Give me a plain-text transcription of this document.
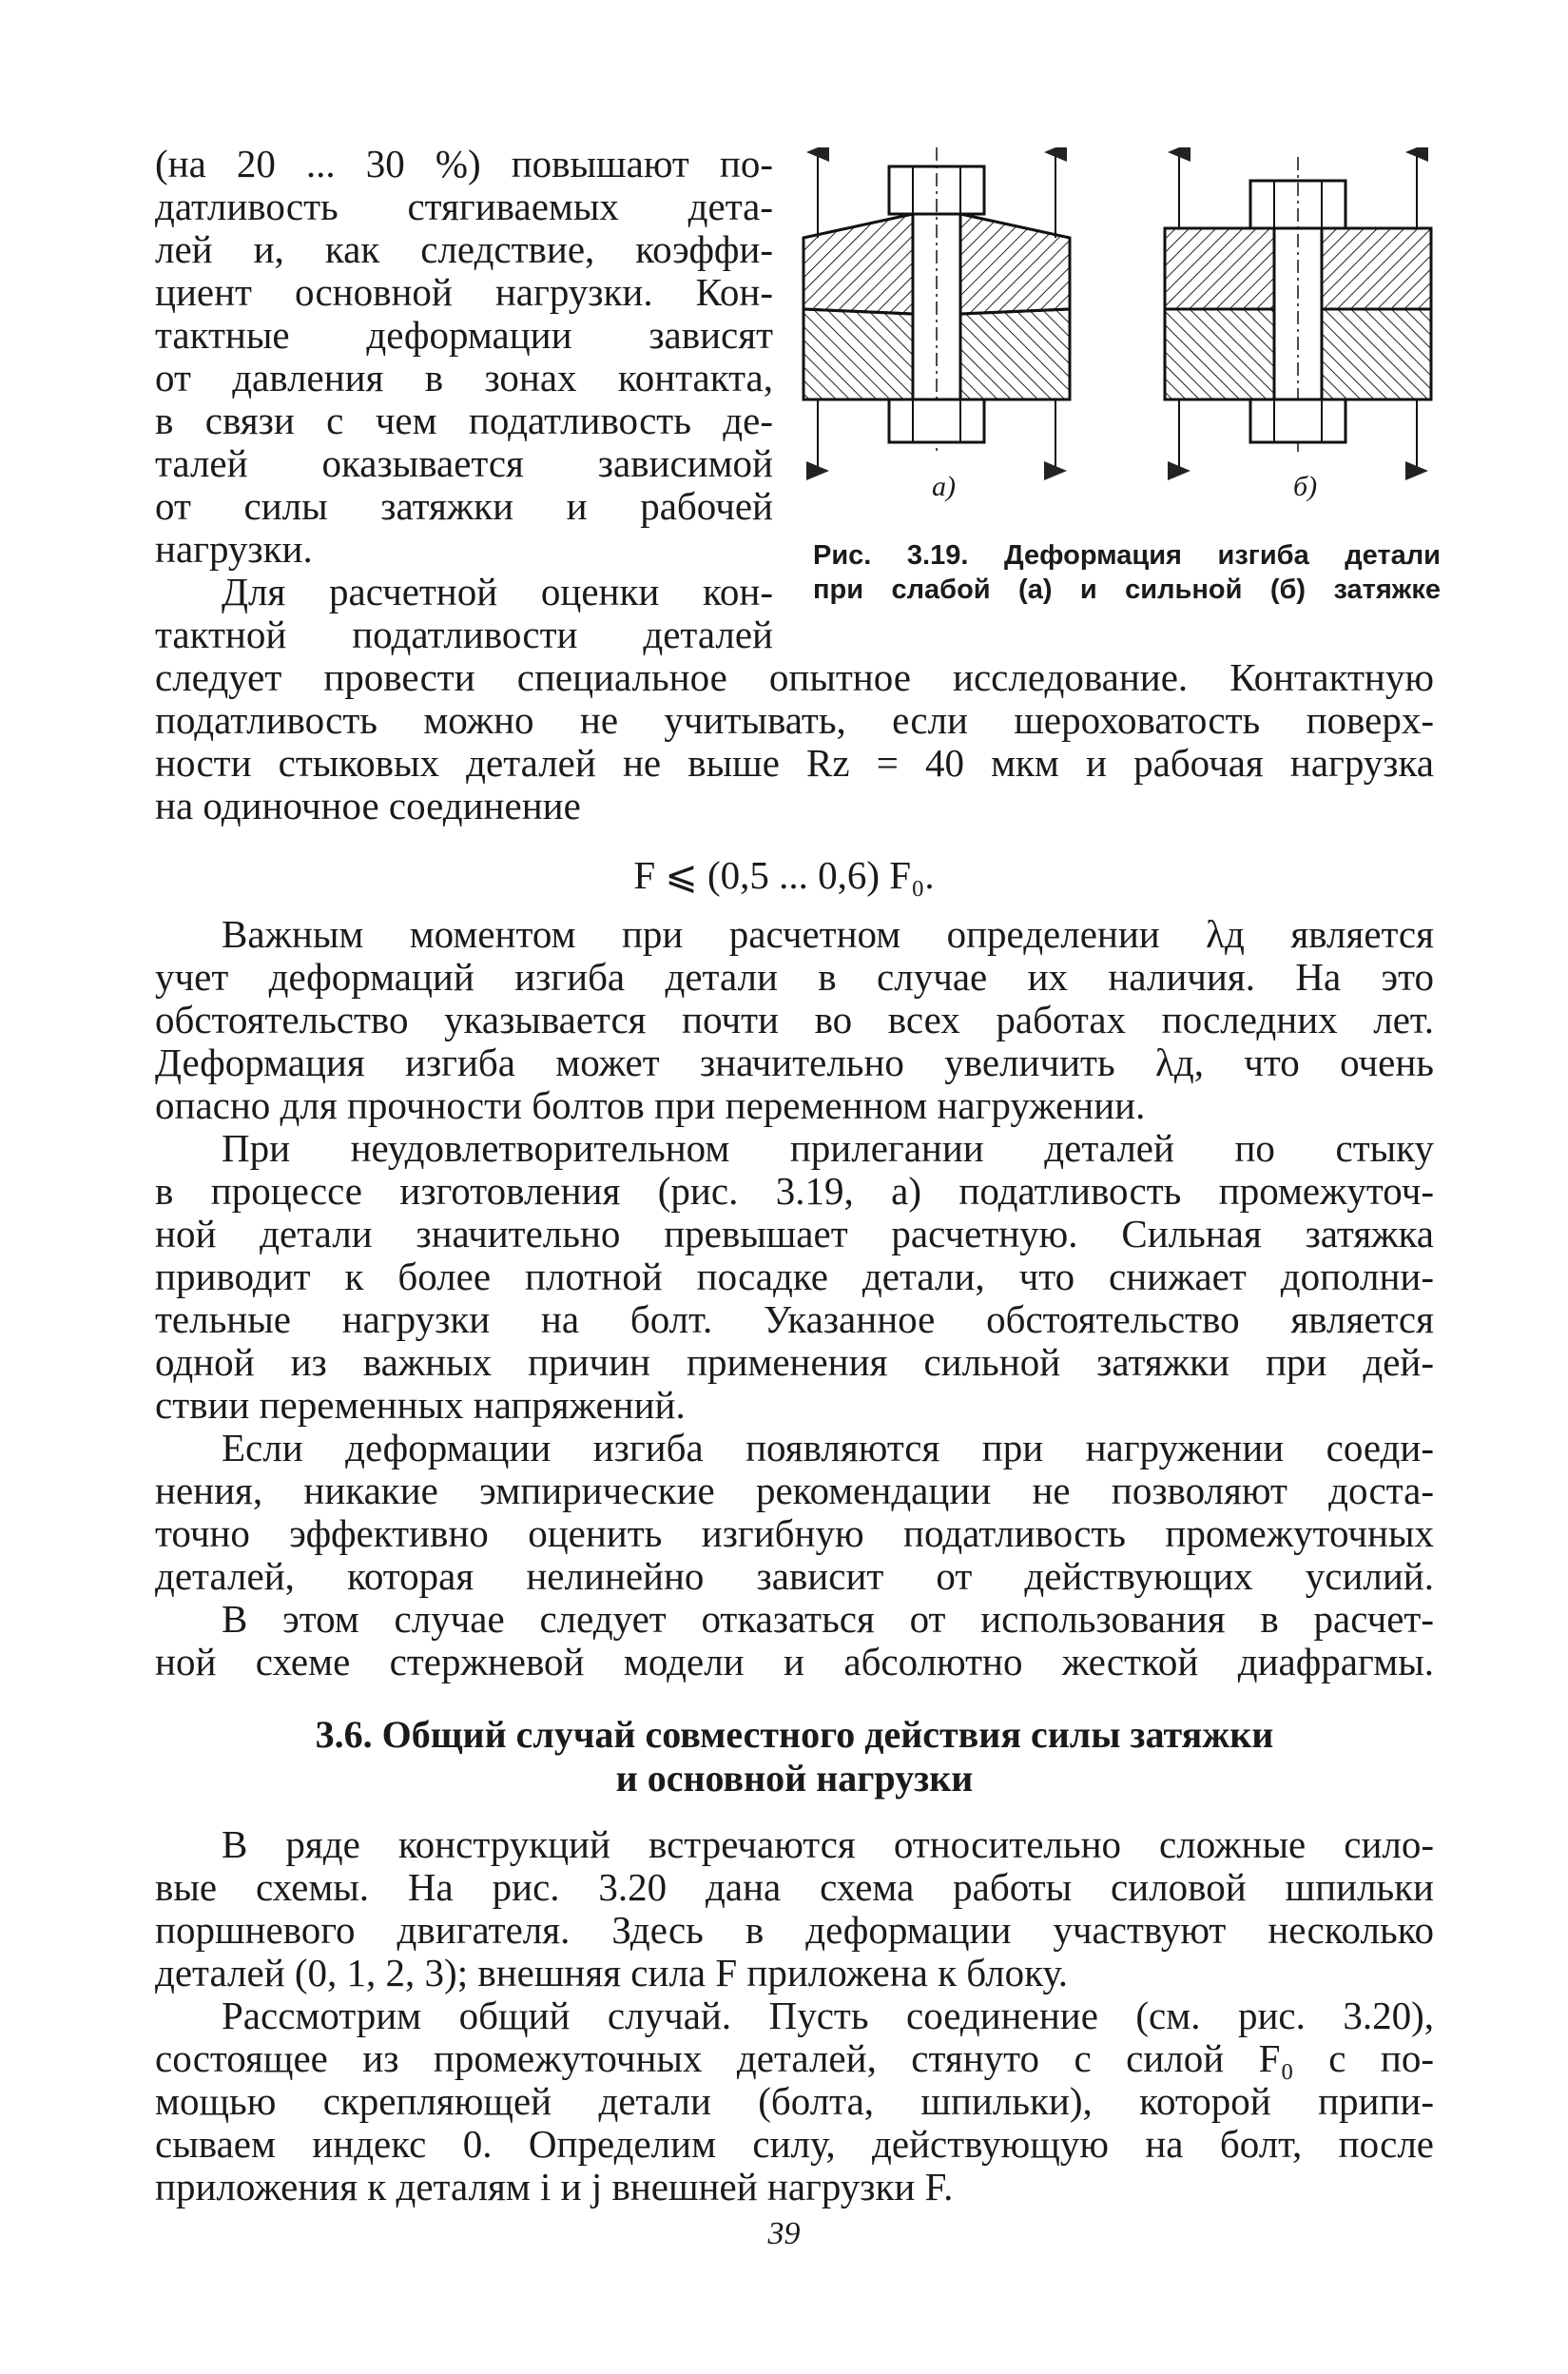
(на 20 ... 30 %) повышают по-
датливость стягиваемых дета-
лей и, как следствие, коэффи-
циент основной нагрузки. Кон-
тактные деформации зависят
от давления в зонах контакта,
в связи с чем податливость де-
талей оказывается зависимой
от силы затяжки и рабочей
нагрузки.
Для расчетной оценки кон-
тактной податливости деталей
следует провести специальное опытное исследование. Контактную
податливость можно не учитывать, если шероховатость поверх-
ности стыковых деталей не выше Rz = 40 мкм и рабочая нагрузка
на одиночное соединение
F ⩽ (0,5 ... 0,6) F₀.
Важным моментом при расчетном определении λд является
учет деформаций изгиба детали в случае их наличия. На это
обстоятельство указывается почти во всех работах последних лет.
Деформация изгиба может значительно увеличить λд, что очень
опасно для прочности болтов при переменном нагружении.
При неудовлетворительном прилегании деталей по стыку
в процессе изготовления (рис. 3.19, а) податливость промежуточ-
ной детали значительно превышает расчетную. Сильная затяжка
приводит к более плотной посадке детали, что снижает дополни-
тельные нагрузки на болт. Указанное обстоятельство является
одной из важных причин применения сильной затяжки при дей-
ствии переменных напряжений.
Если деформации изгиба появляются при нагружении соеди-
нения, никакие эмпирические рекомендации не позволяют доста-
точно эффективно оценить изгибную податливость промежуточных
деталей, которая нелинейно зависит от действующих усилий.
В этом случае следует отказаться от использования в расчет-
ной схеме стержневой модели и абсолютно жесткой диафрагмы.
3.6. Общий случай совместного действия силы затяжки
и основной нагрузки
В ряде конструкций встречаются относительно сложные сило-
вые схемы. На рис. 3.20 дана схема работы силовой шпильки
поршневого двигателя. Здесь в деформации участвуют несколько
деталей (0, 1, 2, 3); внешняя сила F приложена к блоку.
Рассмотрим общий случай. Пусть соединение (см. рис. 3.20),
состоящее из промежуточных деталей, стянуто с силой F₀ с по-
мощью скрепляющей детали (болта, шпильки), которой припи-
сываем индекс 0. Определим силу, действующую на болт, после
приложения к деталям i и j внешней нагрузки F.
а)	б)
Рис. 3.19. Деформация изгиба детали
при слабой (а) и сильной (б) затяжке
39
